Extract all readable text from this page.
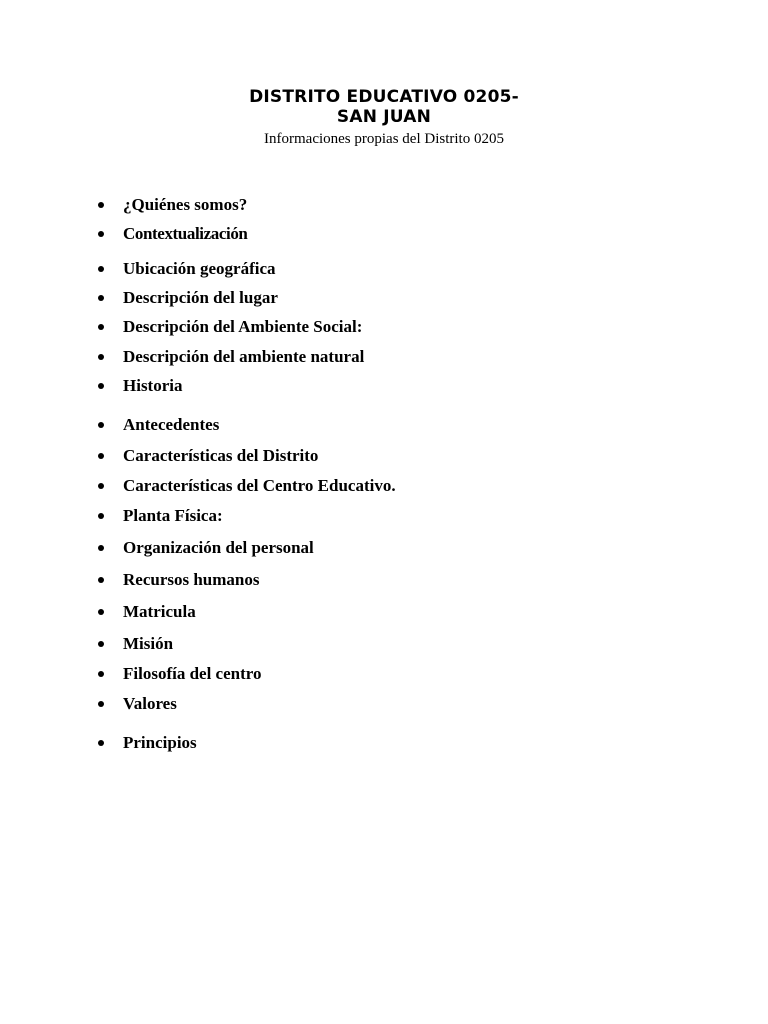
DISTRITO EDUCATIVO 0205-
SAN JUAN
Informaciones propias del Distrito 0205
¿Quiénes somos?
Contextualización
Ubicación geográfica
Descripción del lugar
Descripción del Ambiente Social:
Descripción del ambiente natural
Historia
Antecedentes
Características del Distrito
Características del Centro Educativo.
Planta Física:
Organización del personal
Recursos humanos
Matricula
Misión
Filosofía del centro
Valores
Principios
